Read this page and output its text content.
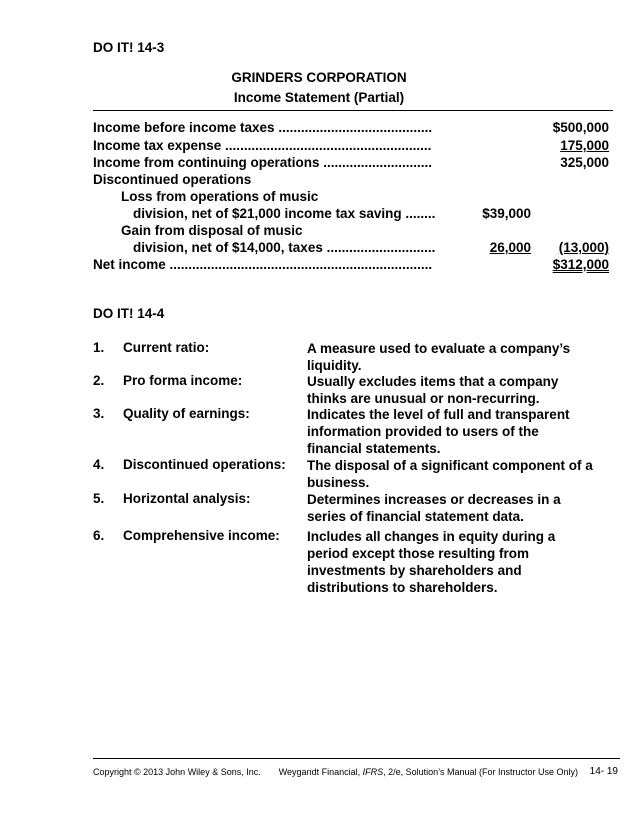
DO IT! 14-3
GRINDERS CORPORATION
Income Statement (Partial)
Income before income taxes .........................................	$500,000
Income tax expense .......................................................	175,000
Income from continuing operations .............................	325,000
Discontinued operations
Loss from operations of music
division, net of $21,000 income tax saving ........	$39,000
Gain from disposal of music
division, net of $14,000, taxes .............................	26,000 (13,000)
Net income ......................................................................	$312,000
DO IT! 14-4
1. Current ratio:	A measure used to evaluate a company’s liquidity.
2. Pro forma income:	Usually excludes items that a company thinks are unusual or non-recurring.
3. Quality of earnings:	Indicates the level of full and transparent information provided to users of the financial statements.
4. Discontinued operations: The disposal of a significant component of a business.
5. Horizontal analysis:	Determines increases or decreases in a series of financial statement data.
6. Comprehensive income: Includes all changes in equity during a period except those resulting from investments by shareholders and distributions to shareholders.
Copyright © 2013 John Wiley & Sons, Inc. Weygandt Financial, IFRS, 2/e, Solution’s Manual (For Instructor Use Only) 14- 19
